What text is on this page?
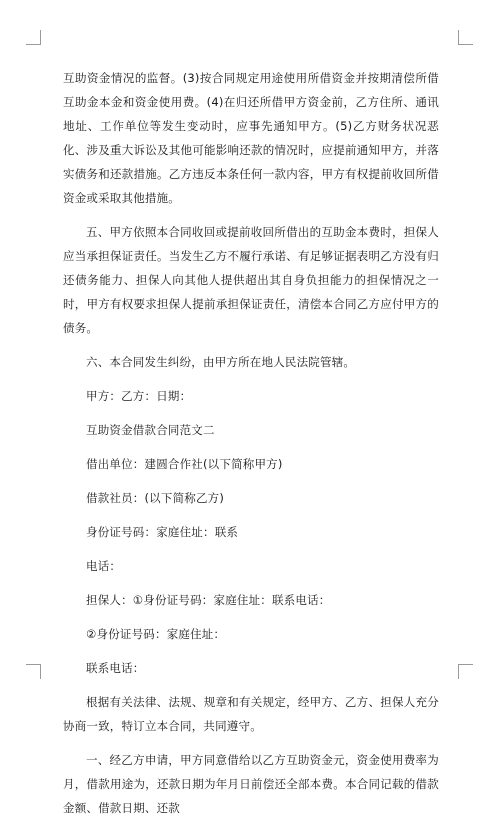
互助资金情况的监督。(3)按合同规定用途使用所借资金并按期清偿所借互助金本金和资金使用费。(4)在归还所借甲方资金前，乙方住所、通讯地址、工作单位等发生变动时，应事先通知甲方。(5)乙方财务状况恶化、涉及重大诉讼及其他可能影响还款的情况时，应提前通知甲方，并落实债务和还款措施。乙方违反本条任何一款内容，甲方有权提前收回所借资金或采取其他措施。

五、甲方依照本合同收回或提前收回所借出的互助金本费时，担保人应当承担保证责任。当发生乙方不履行承诺、有足够证据表明乙方没有归还债务能力、担保人向其他人提供超出其自身负担能力的担保情况之一时，甲方有权要求担保人提前承担保证责任，清偿本合同乙方应付甲方的债务。

六、本合同发生纠纷，由甲方所在地人民法院管辖。

甲方：乙方：日期：

互助资金借款合同范文二

借出单位：建圆合作社(以下简称甲方)

借款社员：(以下简称乙方)

身份证号码：家庭住址：联系

电话：

担保人：①身份证号码：家庭住址：联系电话：

②身份证号码：家庭住址：

联系电话：

根据有关法律、法规、规章和有关规定，经甲方、乙方、担保人充分协商一致，特订立本合同，共同遵守。

一、经乙方申请，甲方同意借给以乙方互助资金元，资金使用费率为月，借款用途为，还款日期为年月日前偿还全部本费。本合同记载的借款金额、借款日期、还款
